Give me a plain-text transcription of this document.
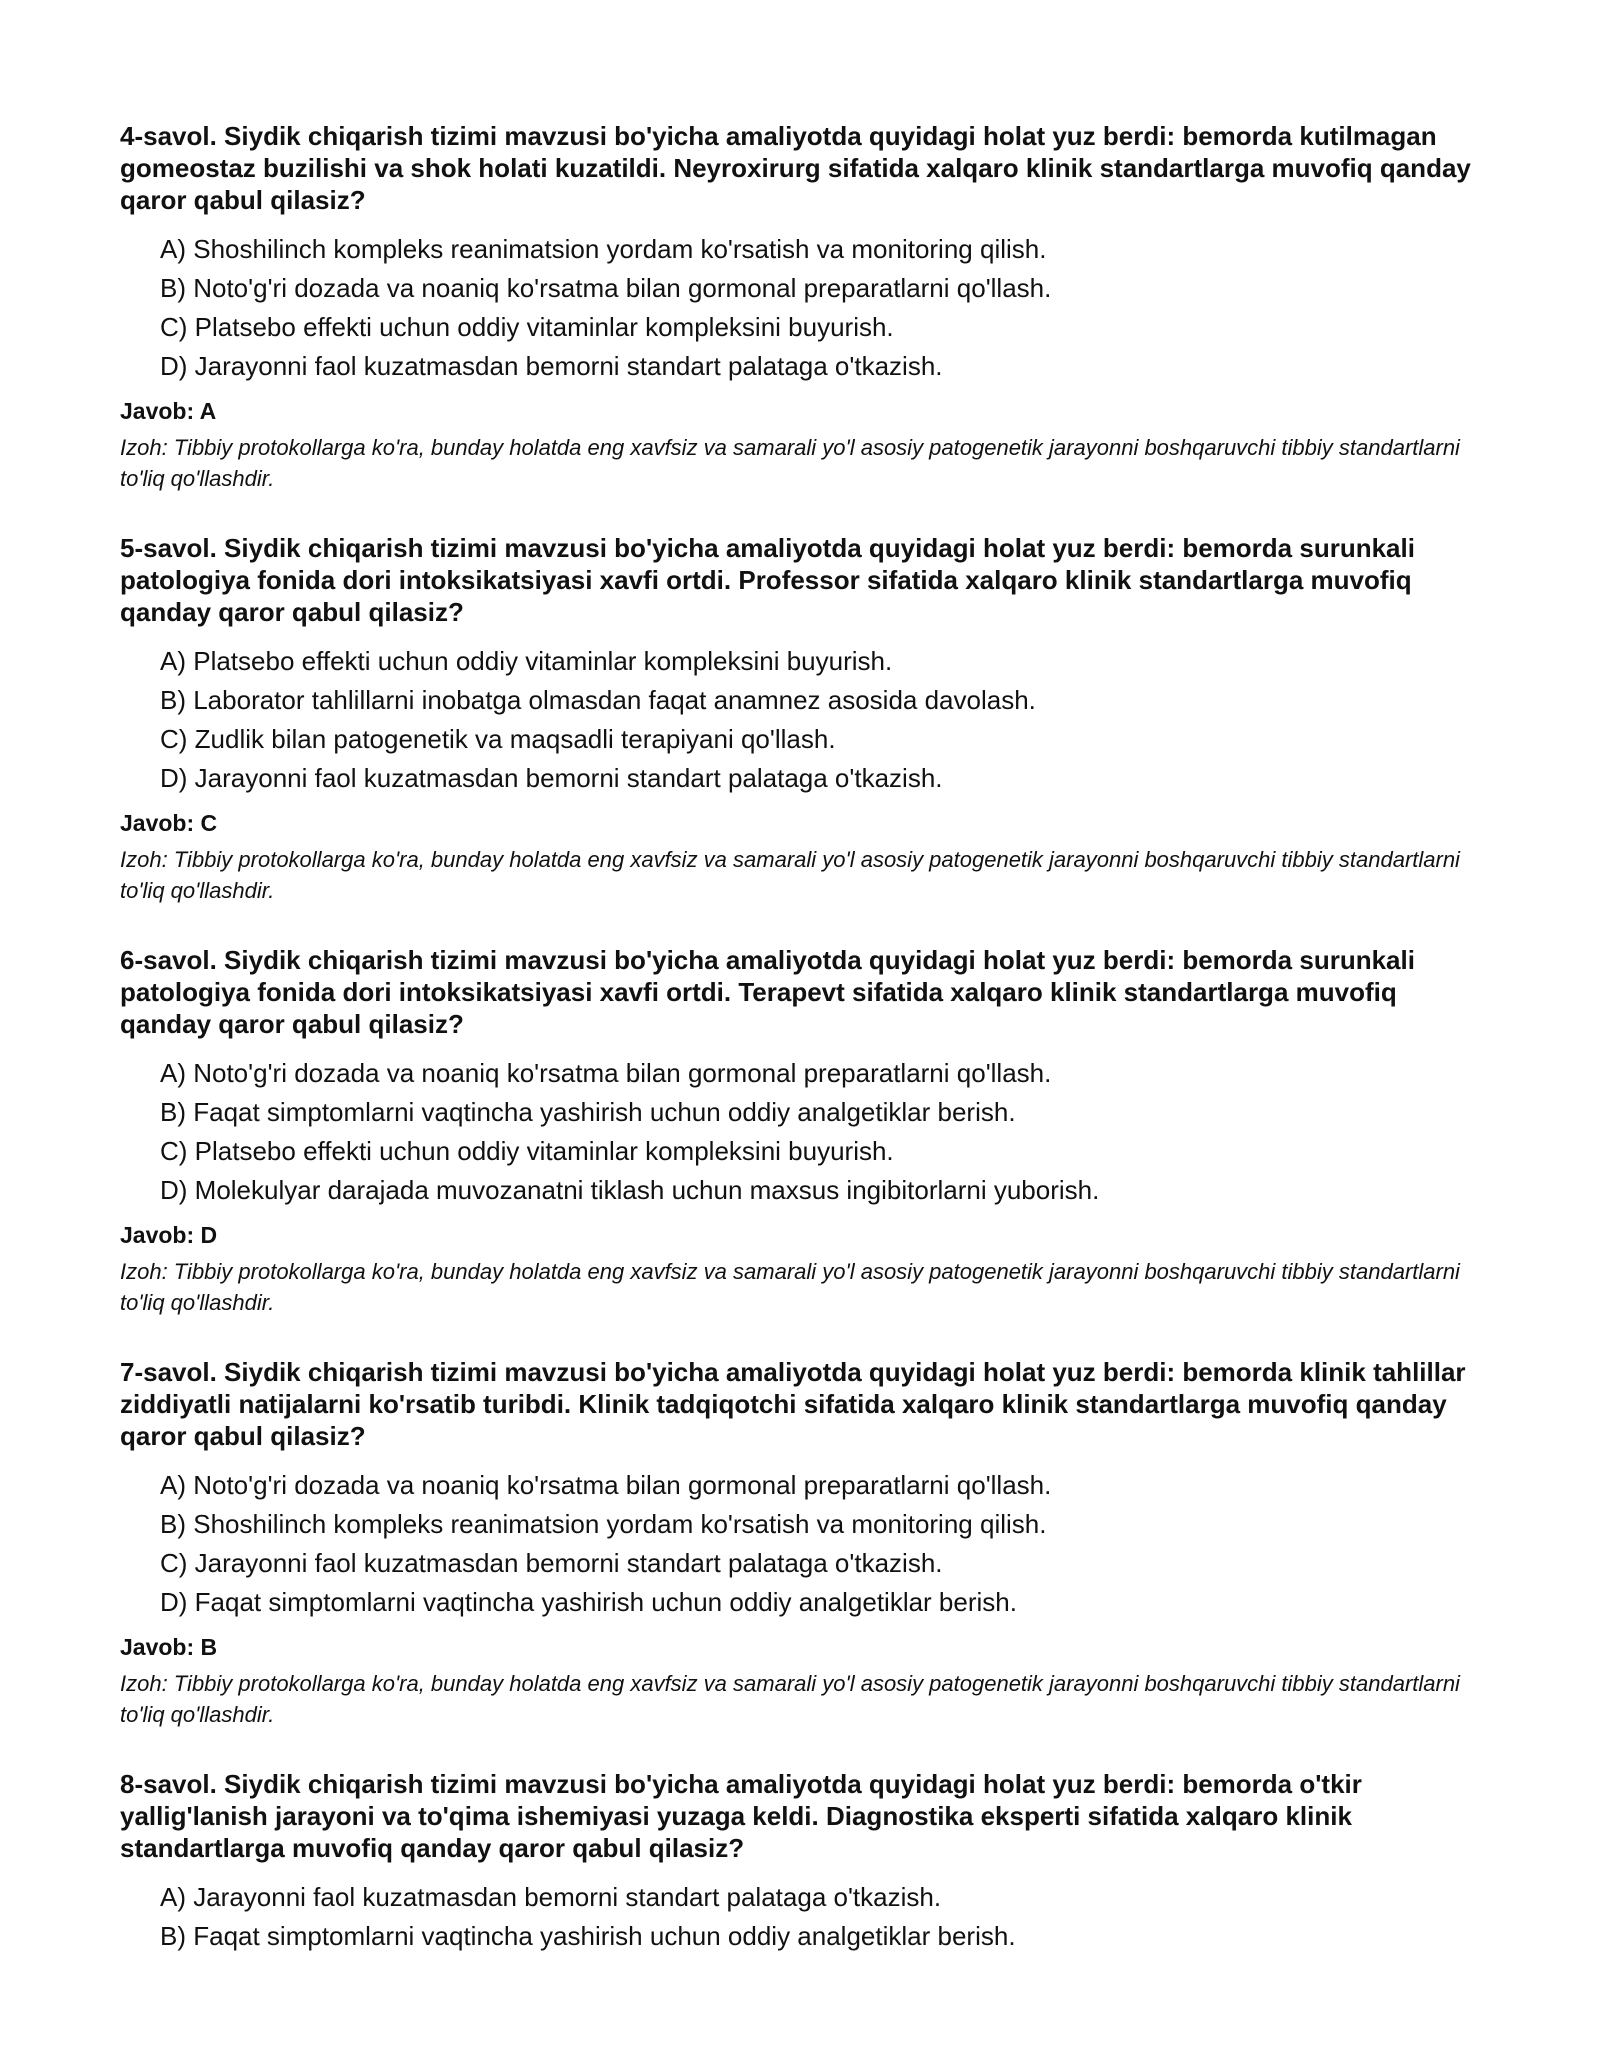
4-savol. Siydik chiqarish tizimi mavzusi bo'yicha amaliyotda quyidagi holat yuz berdi: bemorda kutilmagan gomeostaz buzilishi va shok holati kuzatildi. Neyroxirurg sifatida xalqaro klinik standartlarga muvofiq qanday qaror qabul qilasiz?

A) Shoshilinch kompleks reanimatsion yordam ko'rsatish va monitoring qilish.
B) Noto'g'ri dozada va noaniq ko'rsatma bilan gormonal preparatlarni qo'llash.
C) Platsebo effekti uchun oddiy vitaminlar kompleksini buyurish.
D) Jarayonni faol kuzatmasdan bemorni standart palataga o'tkazish.

Javob: A

Izoh: Tibbiy protokollarga ko'ra, bunday holatda eng xavfsiz va samarali yo'l asosiy patogenetik jarayonni boshqaruvchi tibbiy standartlarni to'liq qo'llashdir.

5-savol. Siydik chiqarish tizimi mavzusi bo'yicha amaliyotda quyidagi holat yuz berdi: bemorda surunkali patologiya fonida dori intoksikatsiyasi xavfi ortdi. Professor sifatida xalqaro klinik standartlarga muvofiq qanday qaror qabul qilasiz?

A) Platsebo effekti uchun oddiy vitaminlar kompleksini buyurish.
B) Laborator tahlillarni inobatga olmasdan faqat anamnez asosida davolash.
C) Zudlik bilan patogenetik va maqsadli terapiyani qo'llash.
D) Jarayonni faol kuzatmasdan bemorni standart palataga o'tkazish.

Javob: C

Izoh: Tibbiy protokollarga ko'ra, bunday holatda eng xavfsiz va samarali yo'l asosiy patogenetik jarayonni boshqaruvchi tibbiy standartlarni to'liq qo'llashdir.

6-savol. Siydik chiqarish tizimi mavzusi bo'yicha amaliyotda quyidagi holat yuz berdi: bemorda surunkali patologiya fonida dori intoksikatsiyasi xavfi ortdi. Terapevt sifatida xalqaro klinik standartlarga muvofiq qanday qaror qabul qilasiz?

A) Noto'g'ri dozada va noaniq ko'rsatma bilan gormonal preparatlarni qo'llash.
B) Faqat simptomlarni vaqtincha yashirish uchun oddiy analgetiklar berish.
C) Platsebo effekti uchun oddiy vitaminlar kompleksini buyurish.
D) Molekulyar darajada muvozanatni tiklash uchun maxsus ingibitorlarni yuborish.

Javob: D

Izoh: Tibbiy protokollarga ko'ra, bunday holatda eng xavfsiz va samarali yo'l asosiy patogenetik jarayonni boshqaruvchi tibbiy standartlarni to'liq qo'llashdir.

7-savol. Siydik chiqarish tizimi mavzusi bo'yicha amaliyotda quyidagi holat yuz berdi: bemorda klinik tahlillar ziddiyatli natijalarni ko'rsatib turibdi. Klinik tadqiqotchi sifatida xalqaro klinik standartlarga muvofiq qanday qaror qabul qilasiz?

A) Noto'g'ri dozada va noaniq ko'rsatma bilan gormonal preparatlarni qo'llash.
B) Shoshilinch kompleks reanimatsion yordam ko'rsatish va monitoring qilish.
C) Jarayonni faol kuzatmasdan bemorni standart palataga o'tkazish.
D) Faqat simptomlarni vaqtincha yashirish uchun oddiy analgetiklar berish.

Javob: B

Izoh: Tibbiy protokollarga ko'ra, bunday holatda eng xavfsiz va samarali yo'l asosiy patogenetik jarayonni boshqaruvchi tibbiy standartlarni to'liq qo'llashdir.

8-savol. Siydik chiqarish tizimi mavzusi bo'yicha amaliyotda quyidagi holat yuz berdi: bemorda o'tkir yallig'lanish jarayoni va to'qima ishemiyasi yuzaga keldi. Diagnostika eksperti sifatida xalqaro klinik standartlarga muvofiq qanday qaror qabul qilasiz?

A) Jarayonni faol kuzatmasdan bemorni standart palataga o'tkazish.
B) Faqat simptomlarni vaqtincha yashirish uchun oddiy analgetiklar berish.
